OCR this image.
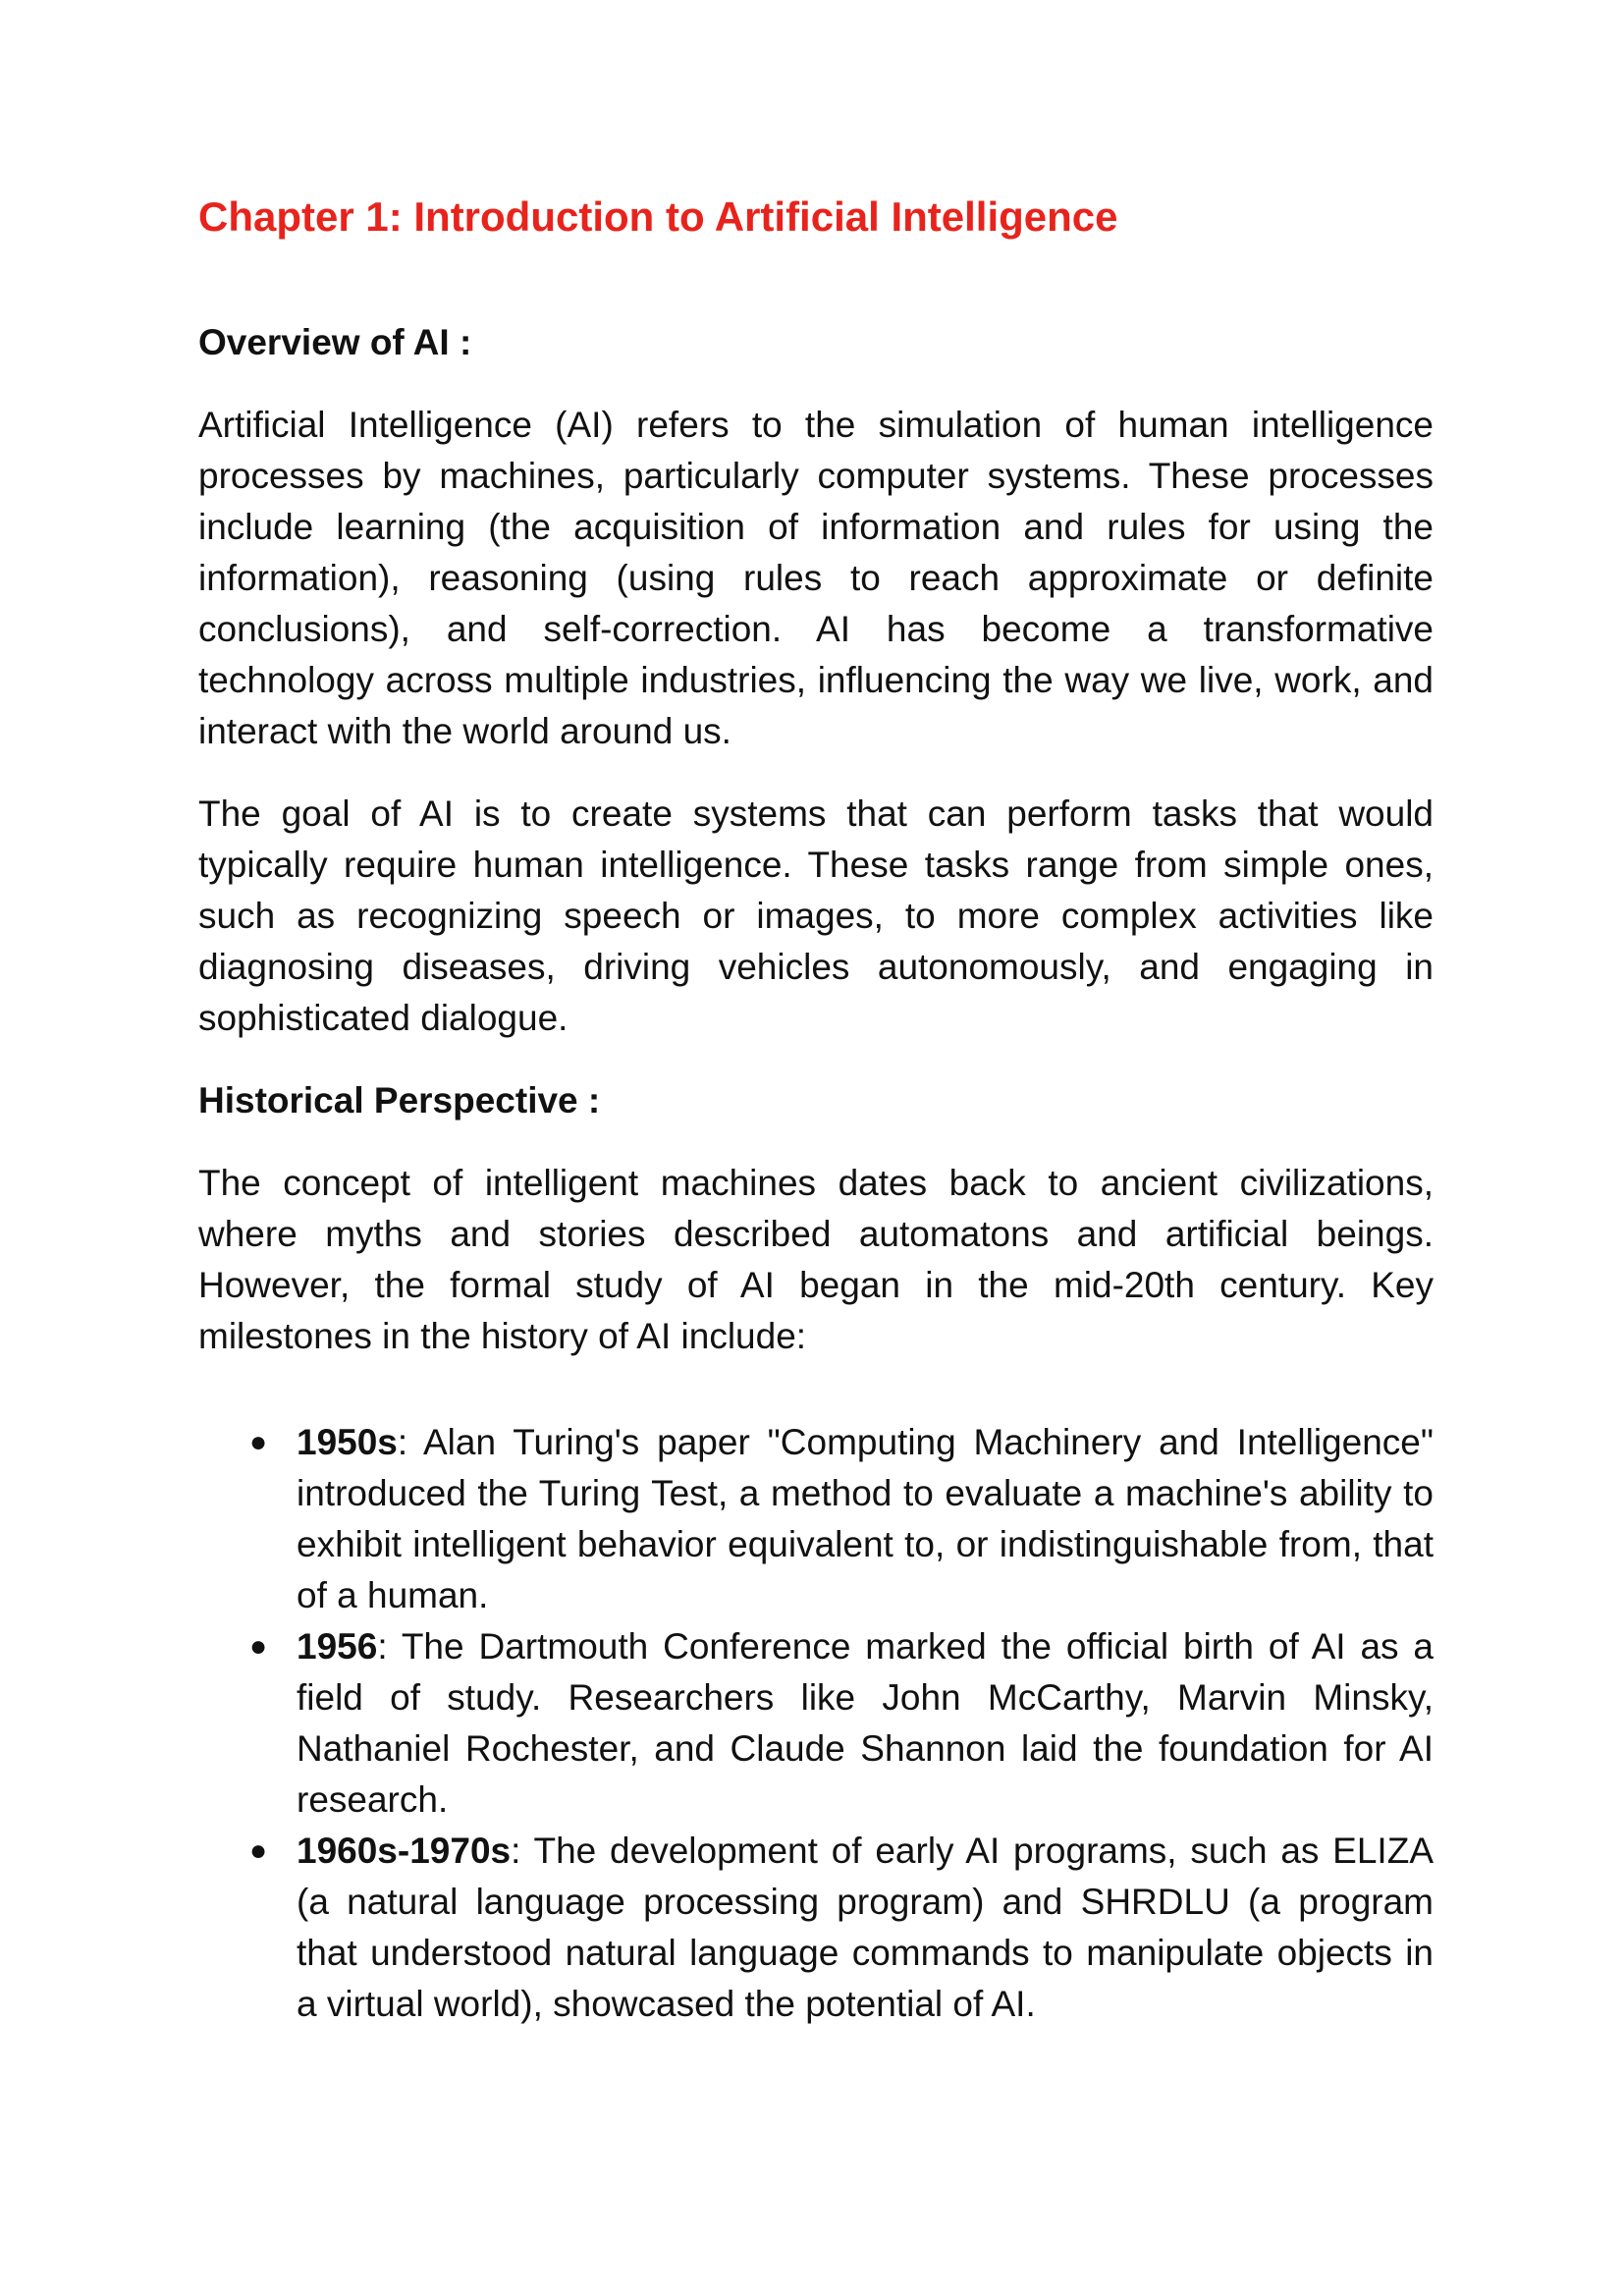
Chapter 1: Introduction to Artificial Intelligence
Overview of AI :

Artificial Intelligence (AI) refers to the simulation of human intelligence processes by machines, particularly computer systems. These processes include learning (the acquisition of information and rules for using the information), reasoning (using rules to reach approximate or definite conclusions), and self-correction. AI has become a transformative technology across multiple industries, influencing the way we live, work, and interact with the world around us.

The goal of AI is to create systems that can perform tasks that would typically require human intelligence. These tasks range from simple ones, such as recognizing speech or images, to more complex activities like diagnosing diseases, driving vehicles autonomously, and engaging in sophisticated dialogue.

Historical Perspective :

The concept of intelligent machines dates back to ancient civilizations, where myths and stories described automatons and artificial beings. However, the formal study of AI began in the mid-20th century. Key milestones in the history of AI include:

● 1950s: Alan Turing's paper "Computing Machinery and Intelligence" introduced the Turing Test, a method to evaluate a machine's ability to exhibit intelligent behavior equivalent to, or indistinguishable from, that of a human.
● 1956: The Dartmouth Conference marked the official birth of AI as a field of study. Researchers like John McCarthy, Marvin Minsky, Nathaniel Rochester, and Claude Shannon laid the foundation for AI research.
● 1960s-1970s: The development of early AI programs, such as ELIZA (a natural language processing program) and SHRDLU (a program that understood natural language commands to manipulate objects in a virtual world), showcased the potential of AI.
